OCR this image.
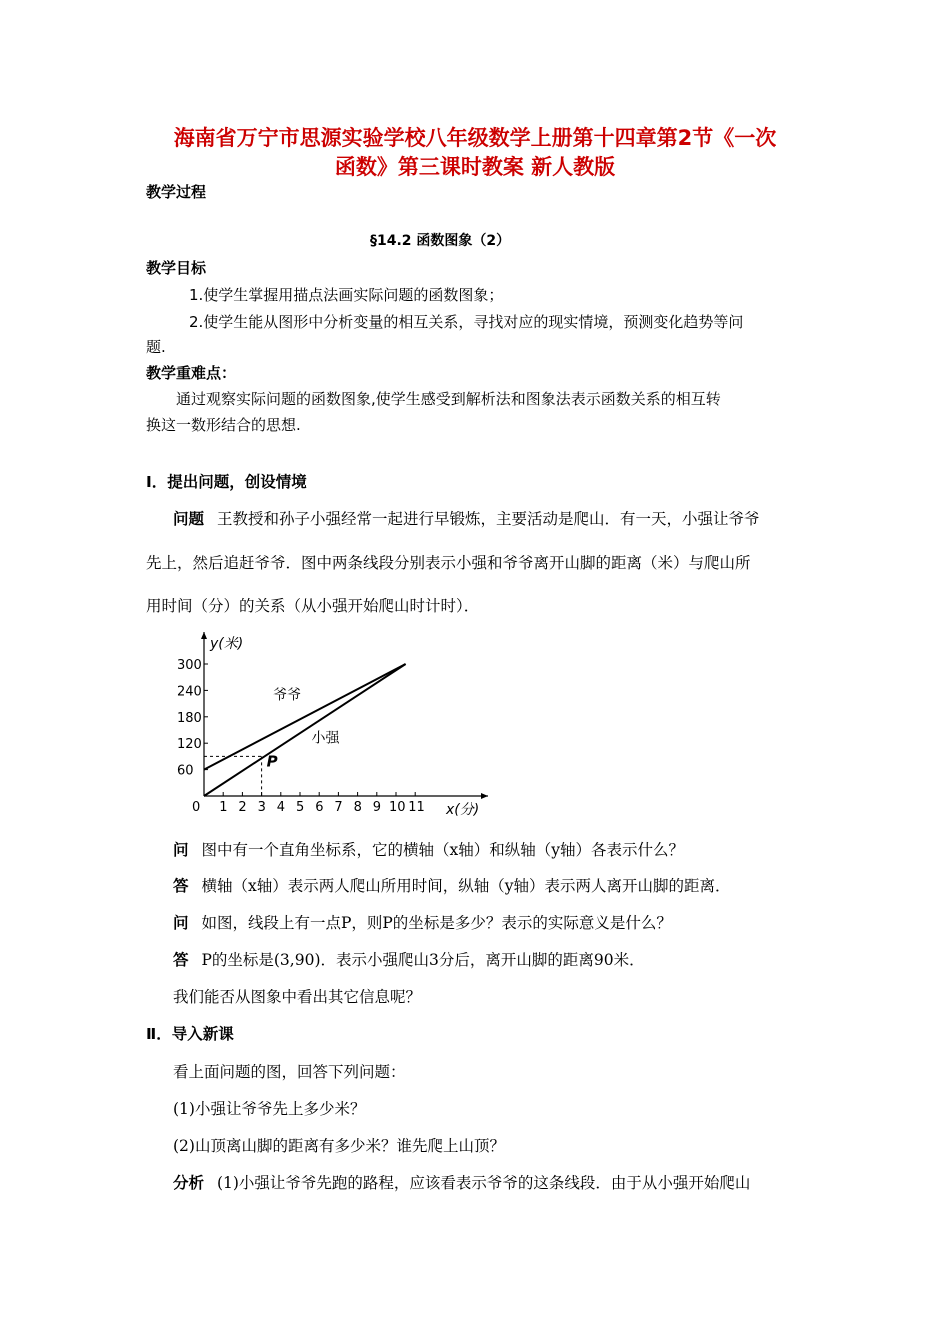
海南省万宁市思源实验学校八年级数学上册第十四章第2节《一次
函数》第三课时教案 新人教版
教学过程
§14.2 函数图象（2）
教学目标
1.使学生掌握用描点法画实际问题的函数图象；
2.使学生能从图形中分析变量的相互关系，寻找对应的现实情境，预测变化趋势等问
题.
教学重难点：
通过观察实际问题的函数图象,使学生感受到解析法和图象法表示函数关系的相互转
换这一数形结合的思想.
Ⅰ．提出问题，创设情境
问题 王教授和孙子小强经常一起进行早锻炼，主要活动是爬山．有一天，小强让爷爷
先上，然后追赶爷爷．图中两条线段分别表示小强和爷爷离开山脚的距离（米）与爬山所
用时间（分）的关系（从小强开始爬山时计时）．
y(米)
x(分)
0 1 2 3 4 5 6 7 8 9 10 11
60
120
180
240
300
爷爷
小强
P
问 图中有一个直角坐标系，它的横轴（x轴）和纵轴（y轴）各表示什么？
答 横轴（x轴）表示两人爬山所用时间，纵轴（y轴）表示两人离开山脚的距离．
问 如图，线段上有一点P，则P的坐标是多少？表示的实际意义是什么？
答 P的坐标是(3,90)．表示小强爬山3分后，离开山脚的距离90米．
我们能否从图象中看出其它信息呢？
Ⅱ．导入新课
看上面问题的图，回答下列问题：
(1)小强让爷爷先上多少米？
(2)山顶离山脚的距离有多少米？谁先爬上山顶？
分析 (1)小强让爷爷先跑的路程，应该看表示爷爷的这条线段．由于从小强开始爬山
